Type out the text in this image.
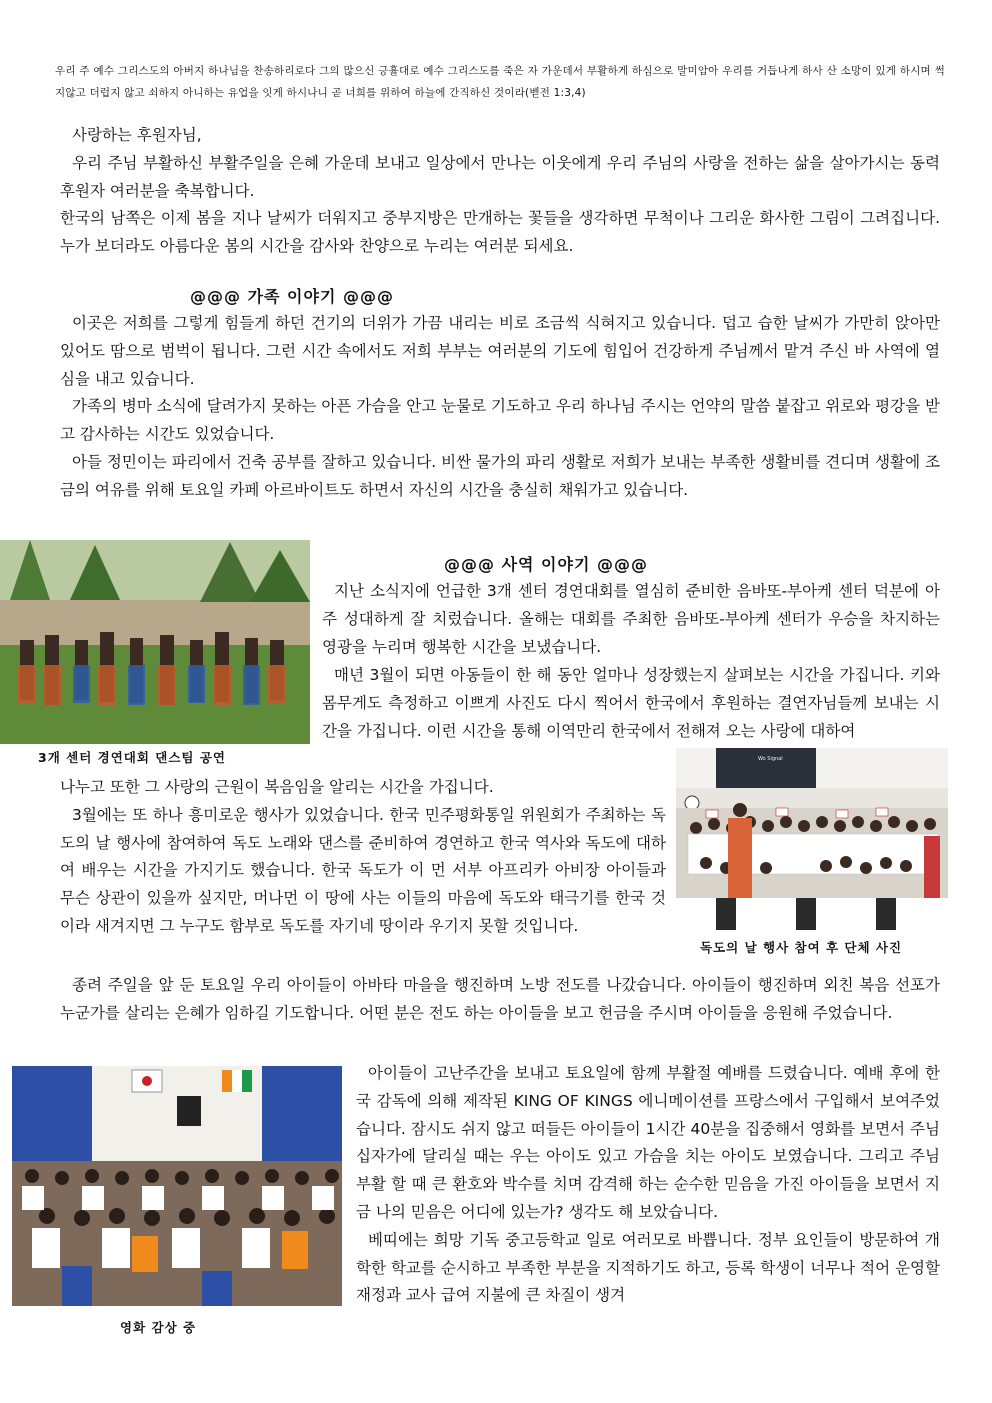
우리 주 예수 그리스도의 아버지 하나님을 찬송하리로다 그의 많으신 긍휼대로 예수 그리스도를 죽은 자 가운데서 부활하게 하심으로 말미암아 우리를 거듭나게 하사 산 소망이 있게 하시며 썩지않고 더럽지 않고 쇠하지 아니하는 유업을 잇게 하시나니 곧 너희를 위하여 하늘에 간직하신 것이라(벧전 1:3,4)

사랑하는 후원자님,

우리 주님 부활하신 부활주일을 은혜 가운데 보내고 일상에서 만나는 이웃에게 우리 주님의 사랑을 전하는 삶을 살아가시는 동력 후원자 여러분을 축복합니다.

한국의 남쪽은 이제 봄을 지나 날씨가 더워지고 중부지방은 만개하는 꽃들을 생각하면 무척이나 그리운 화사한 그림이 그려집니다. 누가 보더라도 아름다운 봄의 시간을 감사와 찬양으로 누리는 여러분 되세요.

@@@ 가족 이야기 @@@

이곳은 저희를 그렇게 힘들게 하던 건기의 더위가 가끔 내리는 비로 조금씩 식혀지고 있습니다. 덥고 습한 날씨가 가만히 앉아만 있어도 땀으로 범벅이 됩니다. 그런 시간 속에서도 저희 부부는 여러분의 기도에 힘입어 건강하게 주님께서 맡겨 주신 바 사역에 열심을 내고 있습니다.

가족의 병마 소식에 달려가지 못하는 아픈 가슴을 안고 눈물로 기도하고 우리 하나님 주시는 언약의 말씀 붙잡고 위로와 평강을 받고 감사하는 시간도 있었습니다.

아들 정민이는 파리에서 건축 공부를 잘하고 있습니다. 비싼 물가의 파리 생활로 저희가 보내는 부족한 생활비를 견디며 생활에 조금의 여유를 위해 토요일 카페 아르바이트도 하면서 자신의 시간을 충실히 채워가고 있습니다.

3개 센터 경연대회 댄스팀 공연
@@@ 사역 이야기 @@@

지난 소식지에 언급한 3개 센터 경연대회를 열심히 준비한 음바또-부아케 센터 덕분에 아주 성대하게 잘 치렀습니다. 올해는 대회를 주최한 음바또-부아케 센터가 우승을 차지하는 영광을 누리며 행복한 시간을 보냈습니다.

매년 3월이 되면 아동들이 한 해 동안 얼마나 성장했는지 살펴보는 시간을 가집니다. 키와 몸무게도 측정하고 이쁘게 사진도 다시 찍어서 한국에서 후원하는 결연자님들께 보내는 시간을 가집니다. 이런 시간을 통해 이역만리 한국에서 전해져 오는 사랑에 대하여

Wo Signal
독도의 날 행사 참여 후 단체 사진

나누고 또한 그 사랑의 근원이 복음임을 알리는 시간을 가집니다.

3월에는 또 하나 흥미로운 행사가 있었습니다. 한국 민주평화통일 위원회가 주최하는 독도의 날 행사에 참여하여 독도 노래와 댄스를 준비하여 경연하고 한국 역사와 독도에 대하여 배우는 시간을 가지기도 했습니다. 한국 독도가 이 먼 서부 아프리카 아비장 아이들과 무슨 상관이 있을까 싶지만, 머나먼 이 땅에 사는 이들의 마음에 독도와 태극기를 한국 것이라 새겨지면 그 누구도 함부로 독도를 자기네 땅이라 우기지 못할 것입니다.

종려 주일을 앞 둔 토요일 우리 아이들이 아바타 마을을 행진하며 노방 전도를 나갔습니다. 아이들이 행진하며 외친 복음 선포가 누군가를 살리는 은혜가 임하길 기도합니다. 어떤 분은 전도 하는 아이들을 보고 헌금을 주시며 아이들을 응원해 주었습니다.

영화 감상 중

아이들이 고난주간을 보내고 토요일에 함께 부활절 예배를 드렸습니다. 예배 후에 한국 감독에 의해 제작된 KING OF KINGS 에니메이션를 프랑스에서 구입해서 보여주었습니다. 잠시도 쉬지 않고 떠들든 아이들이 1시간 40분을 집중해서 영화를 보면서 주님 십자가에 달리실 때는 우는 아이도 있고 가슴을 치는 아이도 보였습니다. 그리고 주님 부활 할 때 큰 환호와 박수를 치며 감격해 하는 순수한 믿음을 가진 아이들을 보면서 지금 나의 믿음은 어디에 있는가? 생각도 해 보았습니다.

베띠에는 희망 기독 중고등학교 일로 여러모로 바쁩니다. 정부 요인들이 방문하여 개학한 학교를 순시하고 부족한 부분을 지적하기도 하고, 등록 학생이 너무나 적어 운영할 재정과 교사 급여 지불에 큰 차질이 생겨
